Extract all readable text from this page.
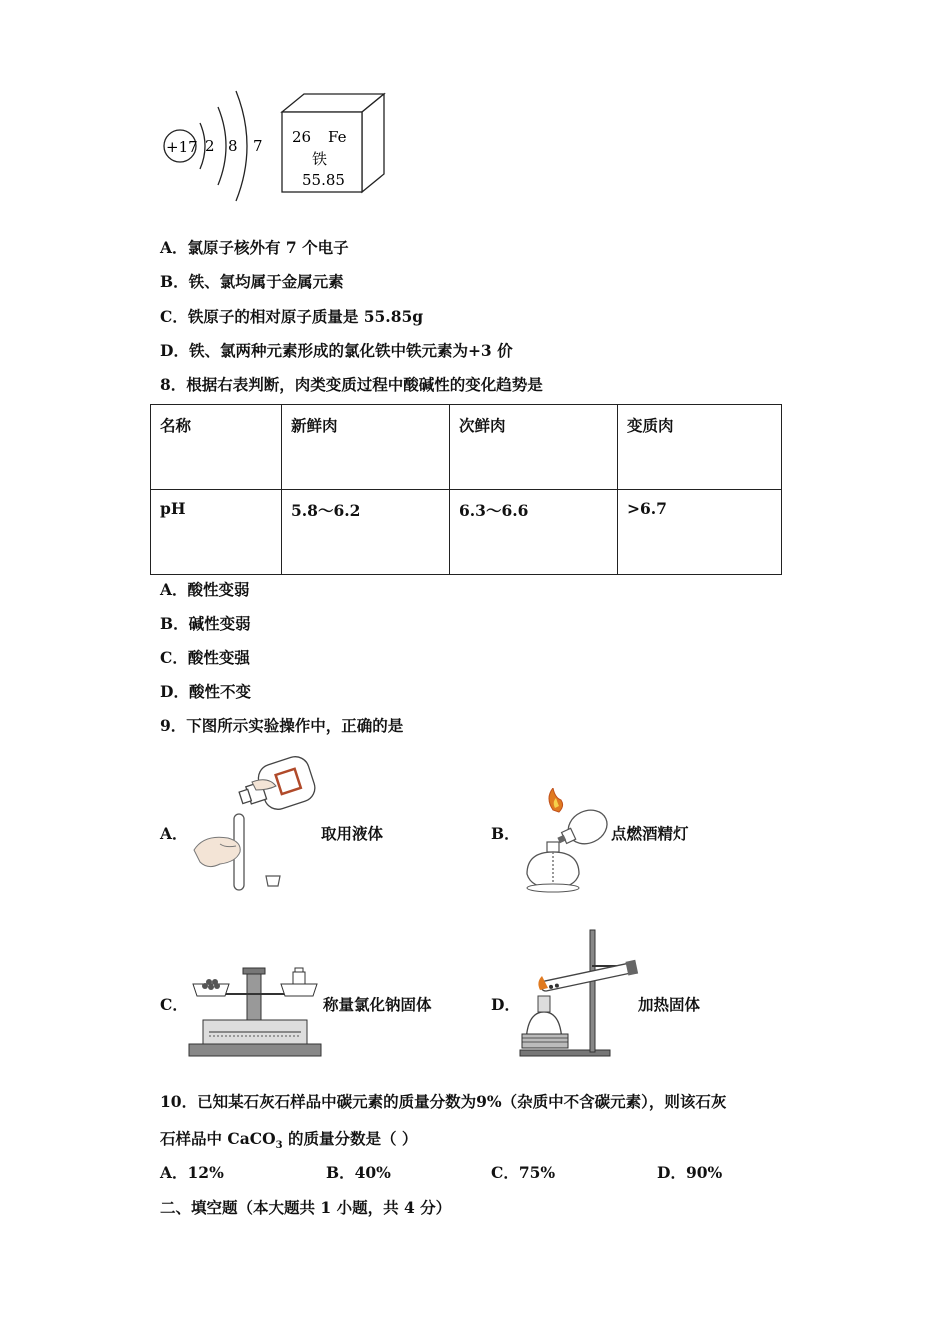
+17 2 8 7 26 Fe
铁
55.85
A．氯原子核外有 7 个电子
B．铁、氯均属于金属元素
C．铁原子的相对原子质量是 55.85g
D．铁、氯两种元素形成的氯化铁中铁元素为+3 价
8．根据右表判断，肉类变质过程中酸碱性的变化趋势是
名称	新鲜肉	次鲜肉	变质肉
pH	5.8～6.2	6.3～6.6	>6.7
A．酸性变弱
B．碱性变弱
C．酸性变强
D．酸性不变
9．下图所示实验操作中，正确的是
A．	取用液体	B．	点燃酒精灯
C．	称量氯化钠固体	D．	加热固体
10．已知某石灰石样品中碳元素的质量分数为9%（杂质中不含碳元素），则该石灰
石样品中 CaCO$_3$ 的质量分数是（ ）
A．12%	B．40%	C．75%	D．90%
二、填空题（本大题共 1 小题，共 4 分）
